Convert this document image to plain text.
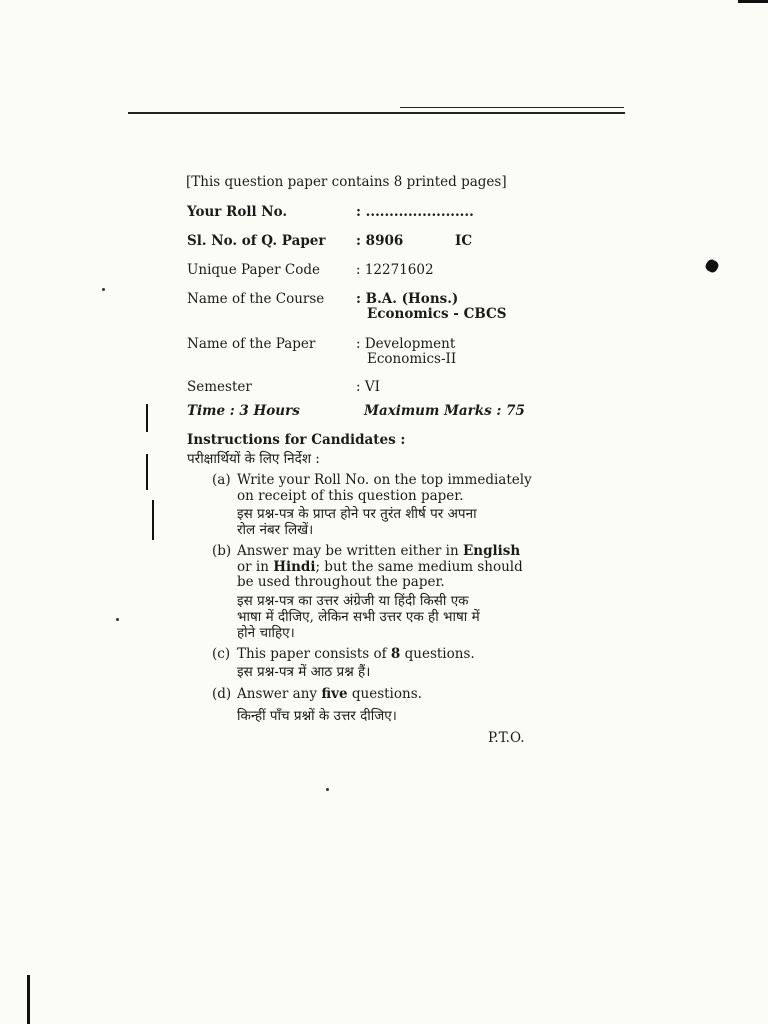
[This question paper contains 8 printed pages]
Your Roll No.	: .......................
Sl. No. of Q. Paper : 8906	IC
Unique Paper Code	: 12271602
Name of the Course : B.A. (Hons.)
Economics - CBCS
Name of the Paper	: Development
Economics-II
Semester	: VI
Time : 3 Hours	Maximum Marks : 75
Instructions for Candidates :
परीक्षार्थियों के लिए निर्देश :
(a) Write your Roll No. on the top immediately
on receipt of this question paper.
इस प्रश्न-पत्र के प्राप्त होने पर तुरंत शीर्ष पर अपना
रोल नंबर लिखें।
(b) Answer may be written either in English
or in Hindi; but the same medium should
be used throughout the paper.
इस प्रश्न-पत्र का उत्तर अंग्रेजी या हिंदी किसी एक
भाषा में दीजिए, लेकिन सभी उत्तर एक ही भाषा में
होने चाहिए।
(c) This paper consists of 8 questions.
इस प्रश्न-पत्र में आठ प्रश्न हैं।
(d) Answer any five questions.
किन्हीं पाँच प्रश्नों के उत्तर दीजिए।
P.T.O.
